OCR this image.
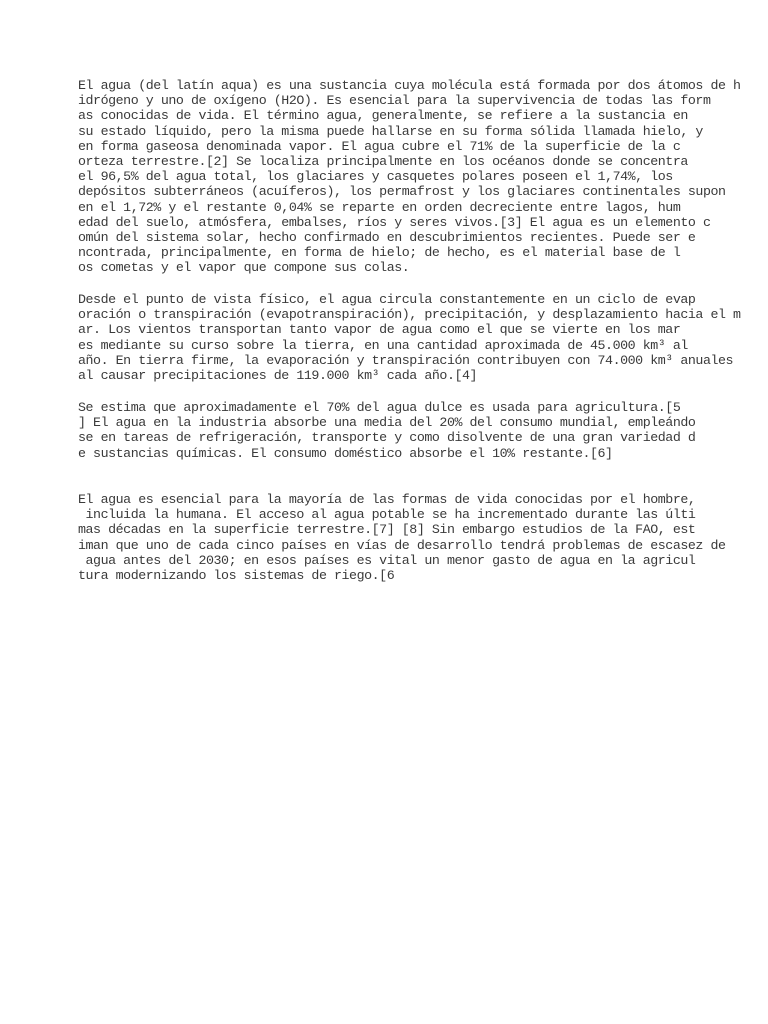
El agua (del latín aqua) es una sustancia cuya molécula está formada por dos átomos de h
idrógeno y uno de oxígeno (H2O). Es esencial para la supervivencia de todas las form
as conocidas de vida. El término agua, generalmente, se refiere a la sustancia en
su estado líquido, pero la misma puede hallarse en su forma sólida llamada hielo, y
en forma gaseosa denominada vapor. El agua cubre el 71% de la superficie de la c
orteza terrestre.[2] Se localiza principalmente en los océanos donde se concentra
el 96,5% del agua total, los glaciares y casquetes polares poseen el 1,74%, los
depósitos subterráneos (acuíferos), los permafrost y los glaciares continentales supon
en el 1,72% y el restante 0,04% se reparte en orden decreciente entre lagos, hum
edad del suelo, atmósfera, embalses, ríos y seres vivos.[3] El agua es un elemento c
omún del sistema solar, hecho confirmado en descubrimientos recientes. Puede ser e
ncontrada, principalmente, en forma de hielo; de hecho, es el material base de l
os cometas y el vapor que compone sus colas.
Desde el punto de vista físico, el agua circula constantemente en un ciclo de evap
oración o transpiración (evapotranspiración), precipitación, y desplazamiento hacia el m
ar. Los vientos transportan tanto vapor de agua como el que se vierte en los mar
es mediante su curso sobre la tierra, en una cantidad aproximada de 45.000 km³ al
año. En tierra firme, la evaporación y transpiración contribuyen con 74.000 km³ anuales
al causar precipitaciones de 119.000 km³ cada año.[4]
Se estima que aproximadamente el 70% del agua dulce es usada para agricultura.[5
] El agua en la industria absorbe una media del 20% del consumo mundial, empleándo
se en tareas de refrigeración, transporte y como disolvente de una gran variedad d
e sustancias químicas. El consumo doméstico absorbe el 10% restante.[6]
El agua es esencial para la mayoría de las formas de vida conocidas por el hombre,
incluida la humana. El acceso al agua potable se ha incrementado durante las últi
mas décadas en la superficie terrestre.[7] [8] Sin embargo estudios de la FAO, est
iman que uno de cada cinco países en vías de desarrollo tendrá problemas de escasez de
agua antes del 2030; en esos países es vital un menor gasto de agua en la agricul
tura modernizando los sistemas de riego.[6
